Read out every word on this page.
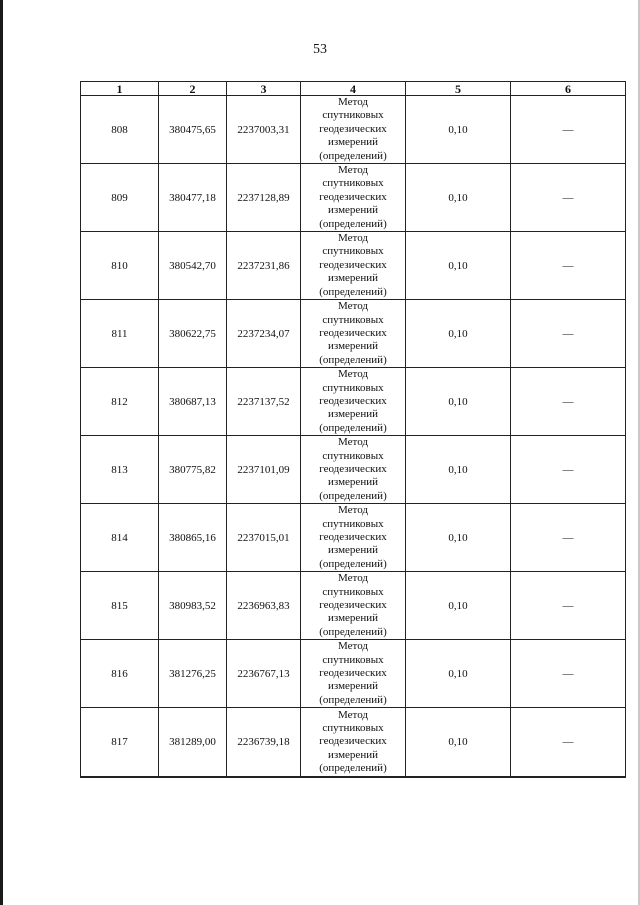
53
1	2	3	4	5	6
808	380475,65	2237003,31	Метод
спутниковых
геодезических
измерений
(определений)	0,10	—
809	380477,18	2237128,89	Метод
спутниковых
геодезических
измерений
(определений)	0,10	—
810	380542,70	2237231,86	Метод
спутниковых
геодезических
измерений
(определений)	0,10	—
811	380622,75	2237234,07	Метод
спутниковых
геодезических
измерений
(определений)	0,10	—
812	380687,13	2237137,52	Метод
спутниковых
геодезических
измерений
(определений)	0,10	—
813	380775,82	2237101,09	Метод
спутниковых
геодезических
измерений
(определений)	0,10	—
814	380865,16	2237015,01	Метод
спутниковых
геодезических
измерений
(определений)	0,10	—
815	380983,52	2236963,83	Метод
спутниковых
геодезических
измерений
(определений)	0,10	—
816	381276,25	2236767,13	Метод
спутниковых
геодезических
измерений
(определений)	0,10	—
817	381289,00	2236739,18	Метод
спутниковых
геодезических
измерений
(определений)	0,10	—
